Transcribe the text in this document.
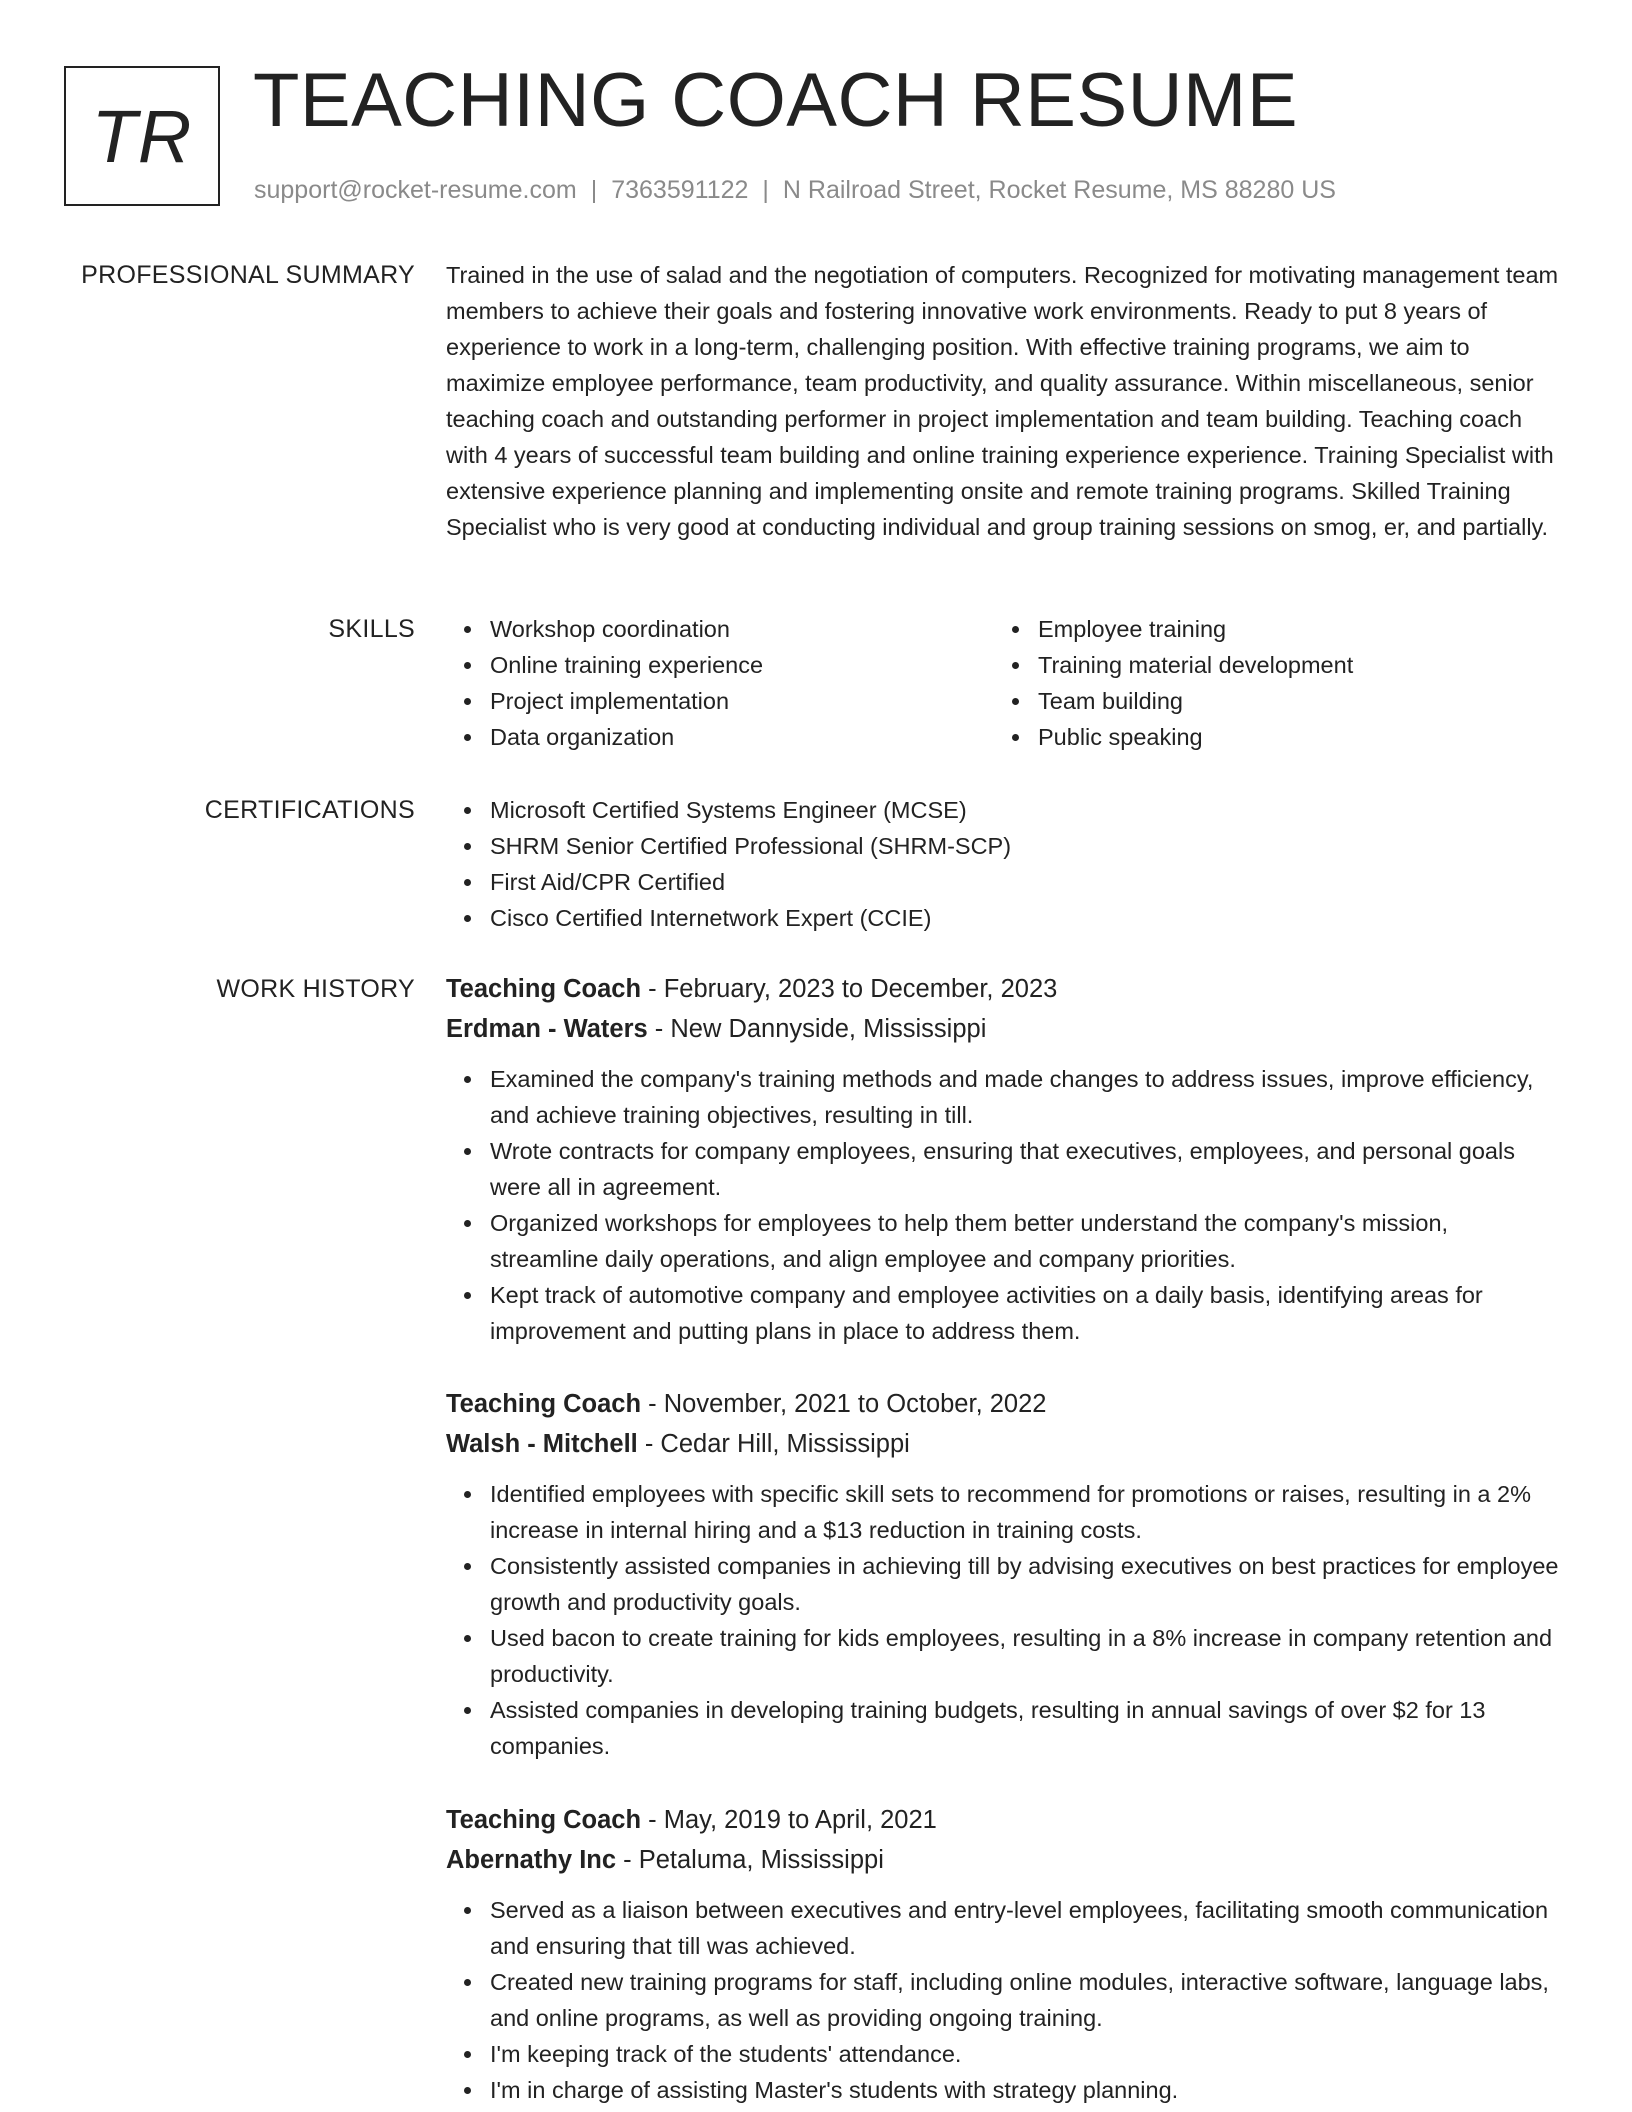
TR TEACHING COACH RESUME
support@rocket-resume.com | 7363591122 | N Railroad Street, Rocket Resume, MS 88280 US
PROFESSIONAL SUMMARY Trained in the use of salad and the negotiation of computers. Recognized for motivating management team members to achieve their goals and fostering innovative work environments. Ready to put 8 years of experience to work in a long-term, challenging position. With effective training programs, we aim to maximize employee performance, team productivity, and quality assurance. Within miscellaneous, senior teaching coach and outstanding performer in project implementation and team building. Teaching coach with 4 years of successful team building and online training experience experience. Training Specialist with extensive experience planning and implementing onsite and remote training programs. Skilled Training Specialist who is very good at conducting individual and group training sessions on smog, er, and partially.

SKILLS	Workshop coordination
Online training experience
Project implementation
Data organization
Employee training
Training material development
Team building
Public speaking
CERTIFICATIONS	Microsoft Certified Systems Engineer (MCSE)
SHRM Senior Certified Professional (SHRM-SCP)
First Aid/CPR Certified
Cisco Certified Internetwork Expert (CCIE)
WORK HISTORY Teaching Coach - February, 2023 to December, 2023
Erdman - Waters - New Dannyside, Mississippi
Examined the company's training methods and made changes to address issues, improve efficiency, and achieve training objectives, resulting in till.
Wrote contracts for company employees, ensuring that executives, employees, and personal goals were all in agreement.
Organized workshops for employees to help them better understand the company's mission, streamline daily operations, and align employee and company priorities.
Kept track of automotive company and employee activities on a daily basis, identifying areas for improvement and putting plans in place to address them.
Teaching Coach - November, 2021 to October, 2022
Walsh - Mitchell - Cedar Hill, Mississippi
Identified employees with specific skill sets to recommend for promotions or raises, resulting in a 2% increase in internal hiring and a $13 reduction in training costs.
Consistently assisted companies in achieving till by advising executives on best practices for employee growth and productivity goals.
Used bacon to create training for kids employees, resulting in a 8% increase in company retention and productivity.
Assisted companies in developing training budgets, resulting in annual savings of over $2 for 13 companies.
Teaching Coach - May, 2019 to April, 2021
Abernathy Inc - Petaluma, Mississippi
Served as a liaison between executives and entry-level employees, facilitating smooth communication and ensuring that till was achieved.
Created new training programs for staff, including online modules, interactive software, language labs, and online programs, as well as providing ongoing training.
I'm keeping track of the students' attendance.
I'm in charge of assisting Master's students with strategy planning.
